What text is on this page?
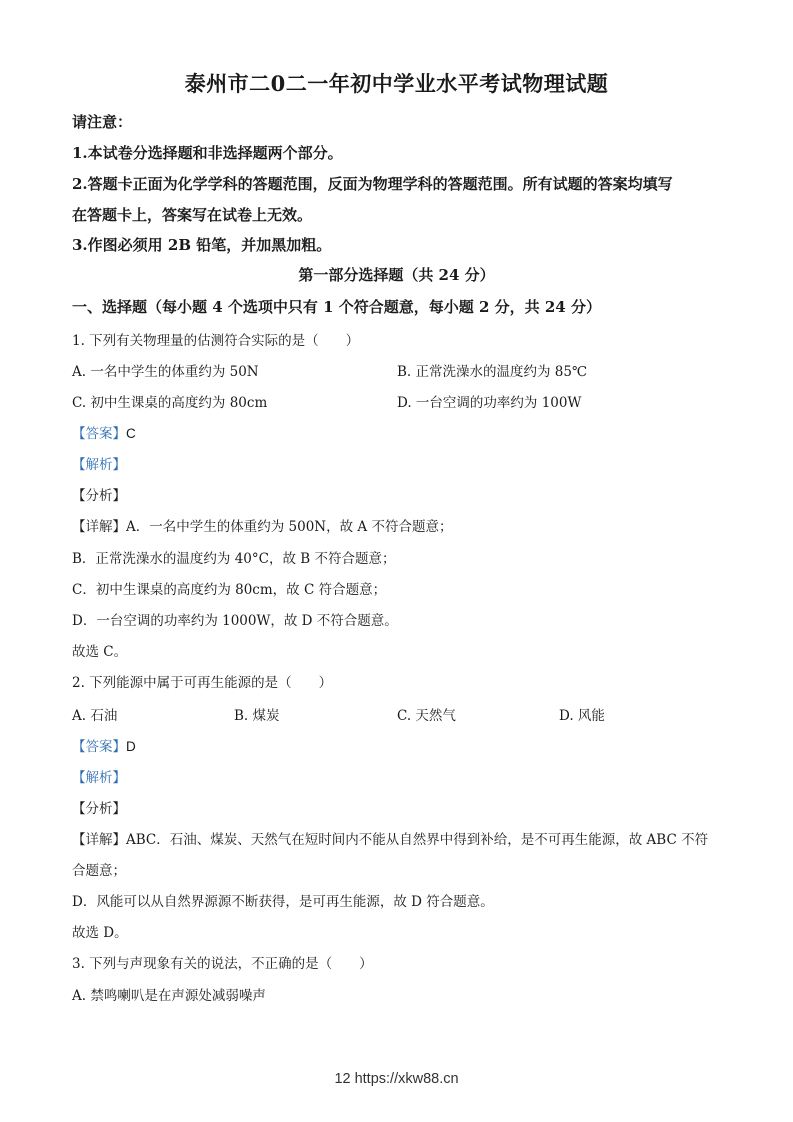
泰州市二0二一年初中学业水平考试物理试题
请注意：
1.本试卷分选择题和非选择题两个部分。
2.答题卡正面为化学学科的答题范围，反面为物理学科的答题范围。所有试题的答案均填写
在答题卡上，答案写在试卷上无效。
3.作图必须用 2B 铅笔，并加黑加粗。
第一部分选择题（共 24 分）
一、选择题（每小题 4 个选项中只有 1 个符合题意，每小题 2 分，共 24 分）
1. 下列有关物理量的估测符合实际的是（　　）
A. 一名中学生的体重约为 50N	B. 正常洗澡水的温度约为 85℃
C. 初中生课桌的高度约为 80cm	D. 一台空调的功率约为 100W
【答案】C
【解析】
【分析】
【详解】A．一名中学生的体重约为 500N，故 A 不符合题意；
B．正常洗澡水的温度约为 40°C，故 B 不符合题意；
C．初中生课桌的高度约为 80cm，故 C 符合题意；
D．一台空调的功率约为 1000W，故 D 不符合题意。
故选 C。
2. 下列能源中属于可再生能源的是（　　）
A. 石油	B. 煤炭	C. 天然气	D. 风能
【答案】D
【解析】
【分析】
【详解】ABC．石油、煤炭、天然气在短时间内不能从自然界中得到补给，是不可再生能源，故 ABC 不符
合题意；
D．风能可以从自然界源源不断获得，是可再生能源，故 D 符合题意。
故选 D。
3. 下列与声现象有关的说法，不正确的是（　　）
A. 禁鸣喇叭是在声源处减弱噪声
12 https://xkw88.cn
